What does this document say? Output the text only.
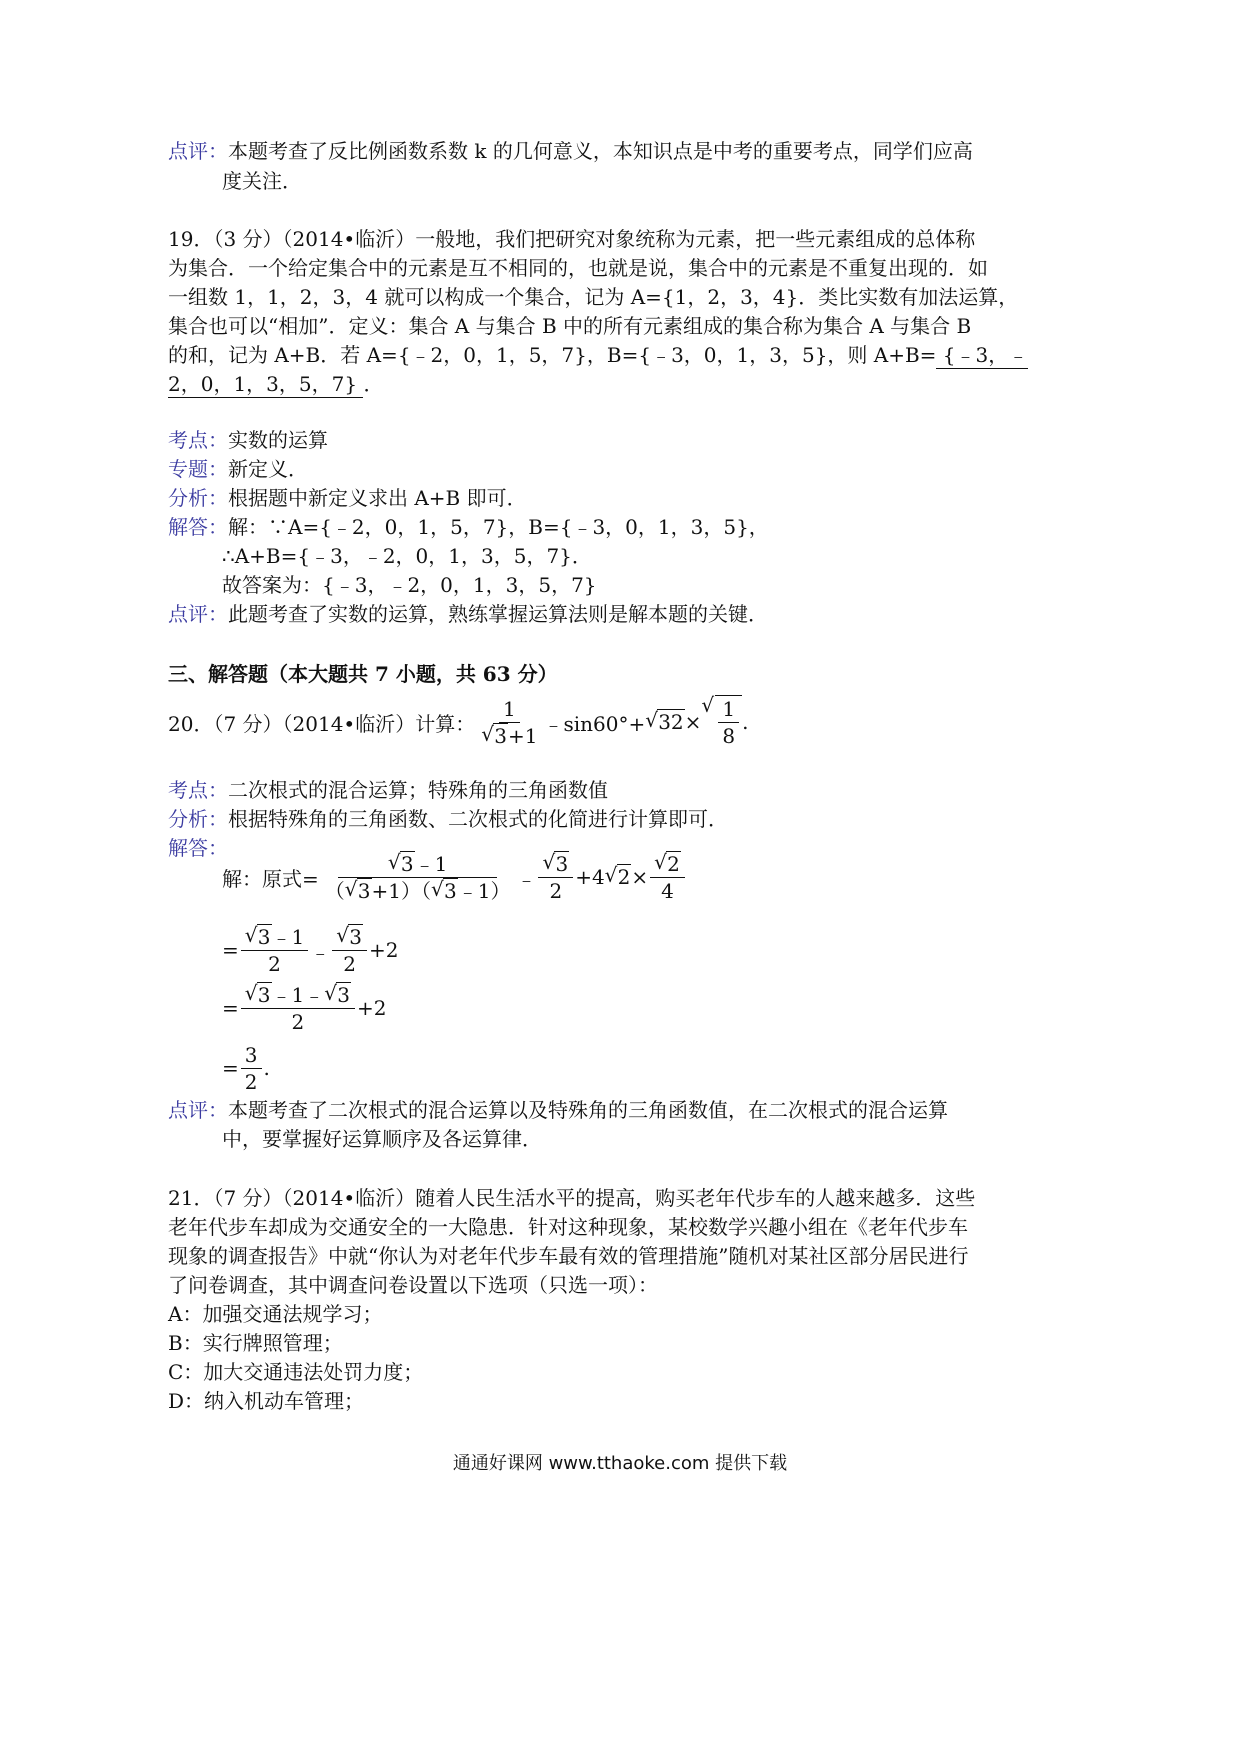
点评：本题考查了反比例函数系数 k 的几何意义，本知识点是中考的重要考点，同学们应高
度关注．
19．（3 分）（2014•临沂）一般地，我们把研究对象统称为元素，把一些元素组成的总体称
为集合．一个给定集合中的元素是互不相同的，也就是说，集合中的元素是不重复出现的．如
一组数 1，1，2，3，4 就可以构成一个集合，记为 A={1，2，3，4}．类比实数有加法运算，
集合也可以“相加”．定义：集合 A 与集合 B 中的所有元素组成的集合称为集合 A 与集合 B
的和，记为 A+B．若 A={﹣2，0，1，5，7}，B={﹣3，0，1，3，5}，则 A+B= {﹣3，﹣
2，0，1，3，5，7} ．
考点：实数的运算
专题：新定义．
分析：根据题中新定义求出 A+B 即可．
解答：解：∵A={﹣2，0，1，5，7}，B={﹣3，0，1，3，5}，
∴A+B={﹣3，﹣2，0，1，3，5，7}．
故答案为：{﹣3，﹣2，0，1，3，5，7}
点评：此题考查了实数的运算，熟练掌握运算法则是解本题的关键．
三、解答题（本大题共 7 小题，共 63 分）
20．（7 分）（2014•临沂）计算： 1
√ 3+1 ﹣sin60°+ √ 32 × √ $\frac{1}{8}$ .
考点：二次根式的混合运算；特殊角的三角函数值
分析：根据特殊角的三角函数、二次根式的化简进行计算即可．
解答：
解：原式= √ $\frac{3﹣1}{( √ 3+1)( √ 3﹣1)}$ ﹣ √ $\frac{3}{2} +4$ √ 2 × √ $\frac{2}{4}$
= √ $\frac{3﹣1}{2}$ ﹣ √ $\frac{3}{2} +2$
= √ $\frac{3﹣1﹣ √ 3}{2} +2$
= $\frac{3}{2}$ .
点评：本题考查了二次根式的混合运算以及特殊角的三角函数值，在二次根式的混合运算
中，要掌握好运算顺序及各运算律．
21．（7 分）（2014•临沂）随着人民生活水平的提高，购买老年代步车的人越来越多．这些
老年代步车却成为交通安全的一大隐患．针对这种现象，某校数学兴趣小组在《老年代步车
现象的调查报告》中就“你认为对老年代步车最有效的管理措施”随机对某社区部分居民进行
了问卷调查，其中调查问卷设置以下选项（只选一项）：
A：加强交通法规学习；
B：实行牌照管理；
C：加大交通违法处罚力度；
D：纳入机动车管理；
通通好课网 www.tthaoke.com 提供下载
